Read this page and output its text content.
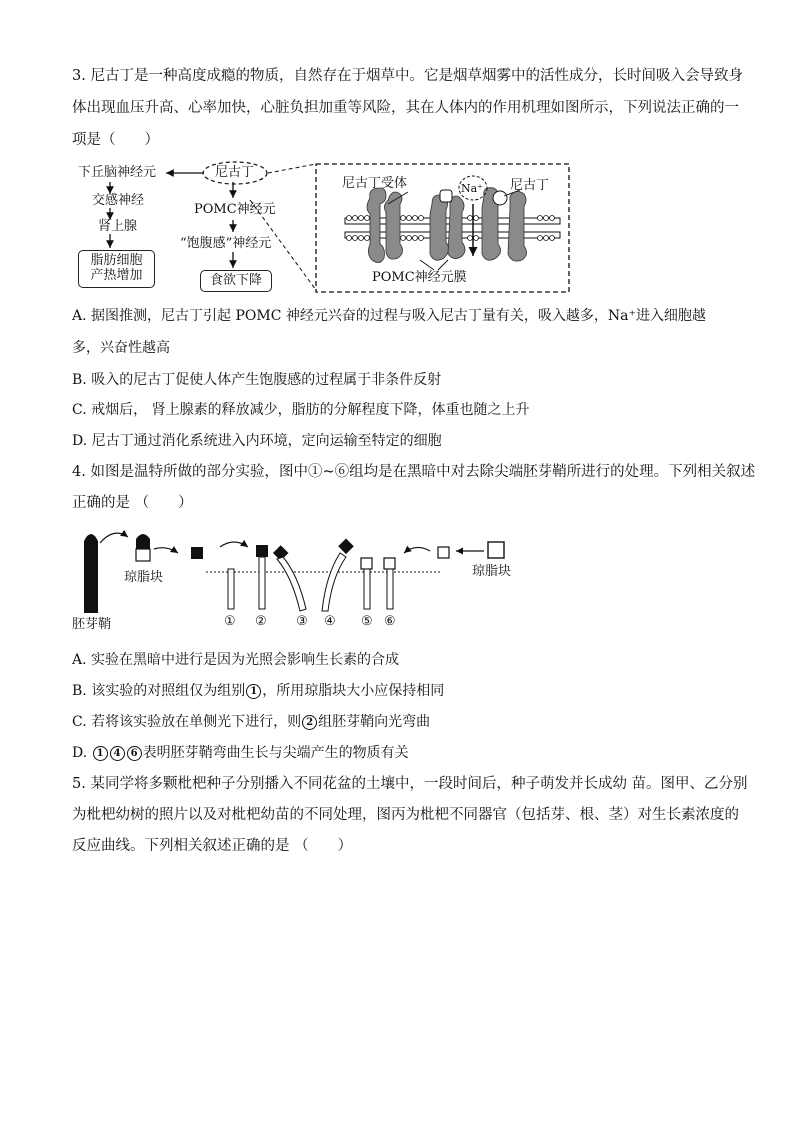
3. 尼古丁是一种高度成瘾的物质，自然存在于烟草中。它是烟草烟雾中的活性成分，长时间吸入会导致身
体出现血压升高、心率加快，心脏负担加重等风险，其在人体内的作用机理如图所示，下列说法正确的一
项是（　　）
下丘脑神经元
交感神经
肾上腺
脂肪细胞
产热增加
尼古丁
POMC神经元
“饱腹感”神经元
食欲下降
尼古丁受体	Na⁺ 尼古丁
POMC神经元膜
A. 据图推测，尼古丁引起 POMC 神经元兴奋的过程与吸入尼古丁量有关，吸入越多，Na⁺进入细胞越
多，兴奋性越高
B. 吸入的尼古丁促使人体产生饱腹感的过程属于非条件反射
C. 戒烟后， 肾上腺素的释放减少，脂肪的分解程度下降，体重也随之上升
D. 尼古丁通过消化系统进入内环境，定向运输至特定的细胞
4. 如图是温特所做的部分实验，图中①~⑥组均是在黑暗中对去除尖端胚芽鞘所进行的处理。下列相关叙述
正确的是 （　　）
琼脂块	琼脂块
胚芽鞘	① ② ③ ④ ⑤ ⑥
A. 实验在黑暗中进行是因为光照会影响生长素的合成
B. 该实验的对照组仅为组别 1 ，所用琼脂块大小应保持相同
C. 若将该实验放在单侧光下进行，则 2 组胚芽鞘向光弯曲
D. 1 4 6 表明胚芽鞘弯曲生长与尖端产生的物质有关
5. 某同学将多颗枇杷种子分别播入不同花盆的土壤中，一段时间后，种子萌发并长成幼 苗。图甲、乙分别
为枇杷幼树的照片以及对枇杷幼苗的不同处理，图丙为枇杷不同器官（包括芽、根、茎）对生长素浓度的
反应曲线。下列相关叙述正确的是 （　　）
